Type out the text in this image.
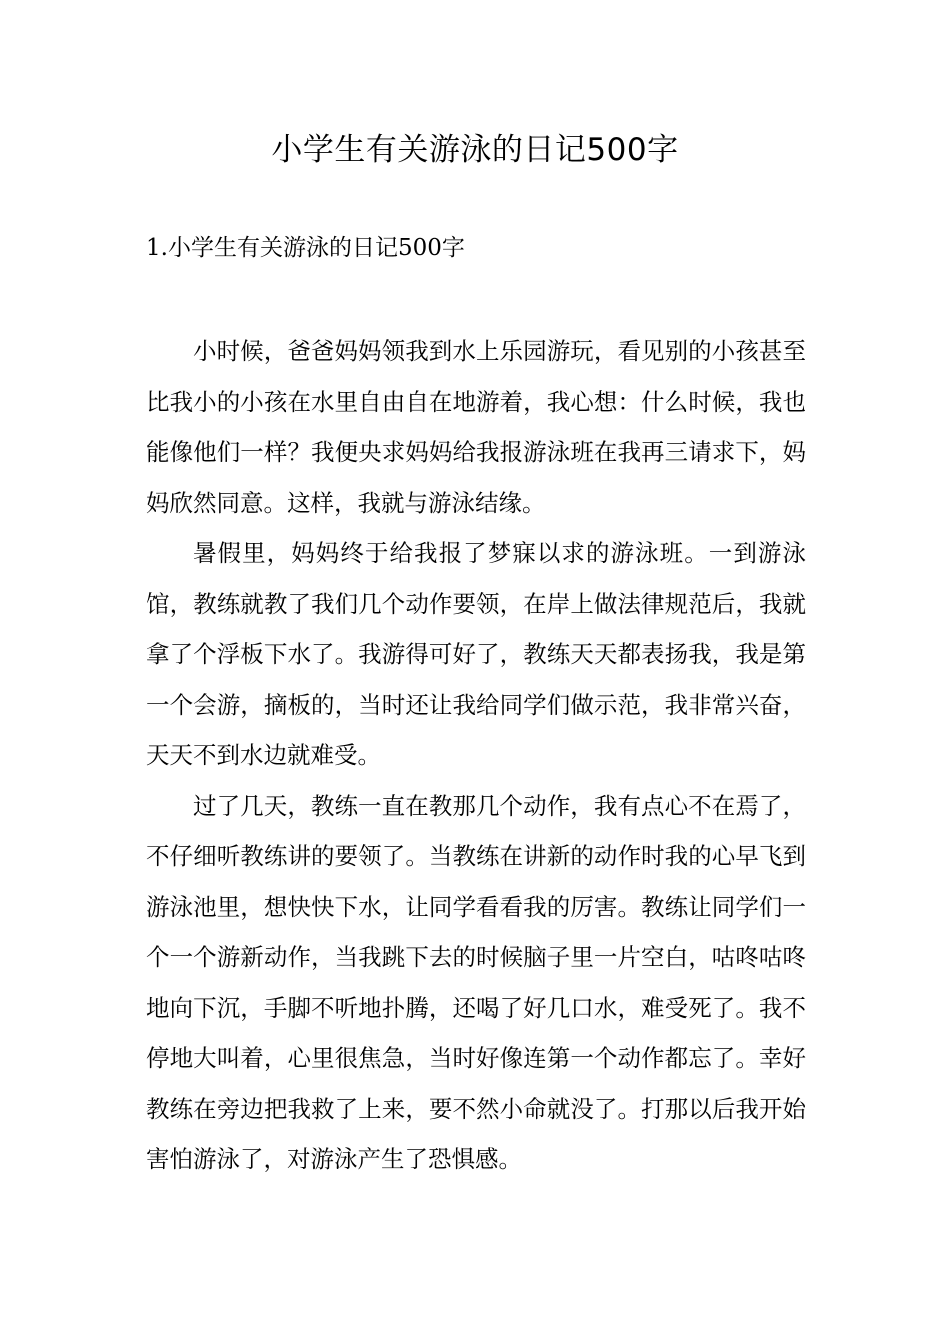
小学生有关游泳的日记500字
1.小学生有关游泳的日记500字

小时候，爸爸妈妈领我到水上乐园游玩，看见别的小孩甚至比我小的小孩在水里自由自在地游着，我心想：什么时候，我也能像他们一样？我便央求妈妈给我报游泳班在我再三请求下，妈妈欣然同意。这样，我就与游泳结缘。

暑假里，妈妈终于给我报了梦寐以求的游泳班。一到游泳馆，教练就教了我们几个动作要领，在岸上做法律规范后，我就拿了个浮板下水了。我游得可好了，教练天天都表扬我，我是第一个会游，摘板的，当时还让我给同学们做示范，我非常兴奋，天天不到水边就难受。

过了几天，教练一直在教那几个动作，我有点心不在焉了，不仔细听教练讲的要领了。当教练在讲新的动作时我的心早飞到游泳池里，想快快下水，让同学看看我的厉害。教练让同学们一个一个游新动作，当我跳下去的时候脑子里一片空白，咕咚咕咚地向下沉，手脚不听地扑腾，还喝了好几口水，难受死了。我不停地大叫着，心里很焦急，当时好像连第一个动作都忘了。幸好教练在旁边把我救了上来，要不然小命就没了。打那以后我开始害怕游泳了，对游泳产生了恐惧感。
